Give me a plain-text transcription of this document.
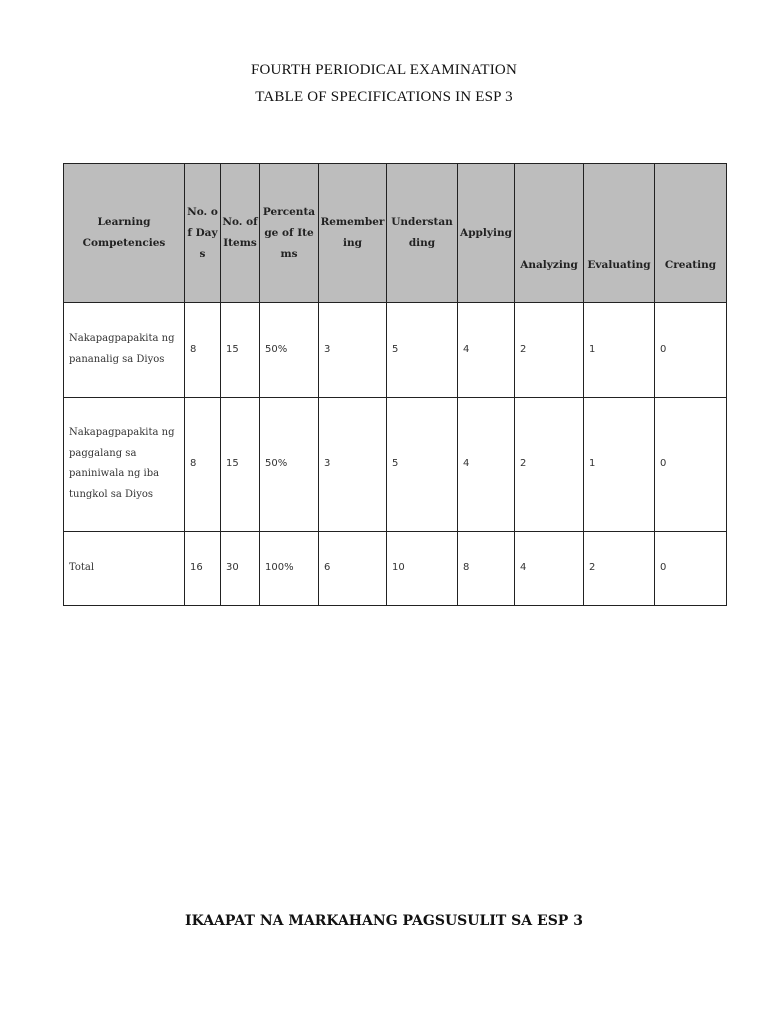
FOURTH PERIODICAL EXAMINATION
TABLE OF SPECIFICATIONS IN ESP 3
Learning Competencies	No. of Days	No. of Items	Percentage of Items	Remembering	Understanding	Applying	Analyzing	Evaluating	Creating
Nakapagpapakita ng pananalig sa Diyos	8	15	50%	3	5	4	2	1	0
Nakapagpapakita ng paggalang sa paniniwala ng iba tungkol sa Diyos	8	15	50%	3	5	4	2	1	0
Total	16	30	100%	6	10	8	4	2	0
IKAAPAT NA MARKAHANG PAGSUSULIT SA ESP 3
